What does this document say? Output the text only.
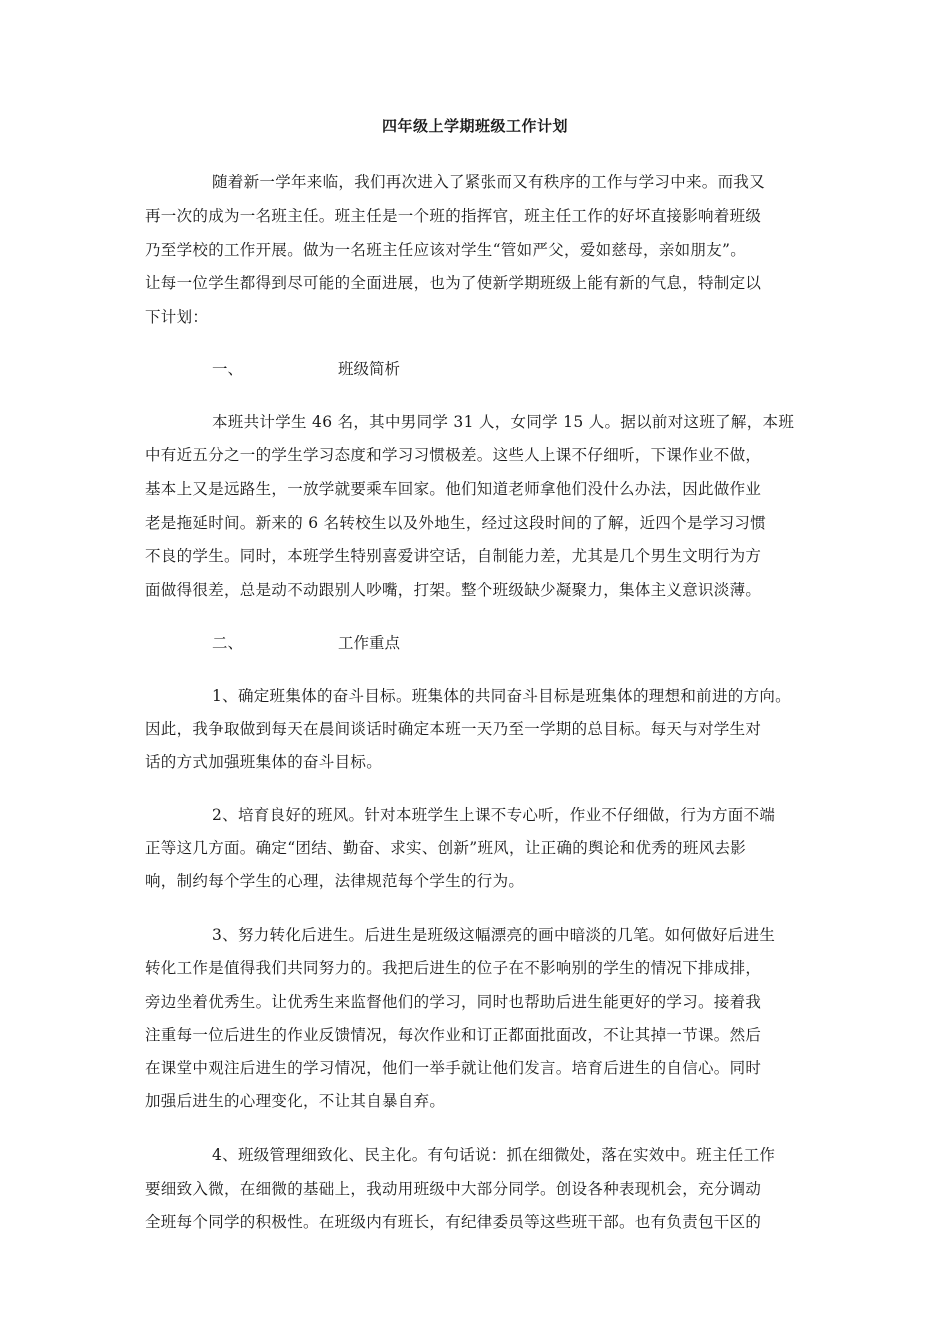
四年级上学期班级工作计划
随着新一学年来临，我们再次进入了紧张而又有秩序的工作与学习中来。而我又
再一次的成为一名班主任。班主任是一个班的指挥官，班主任工作的好坏直接影响着班级
乃至学校的工作开展。做为一名班主任应该对学生“管如严父，爱如慈母，亲如朋友”。
让每一位学生都得到尽可能的全面进展，也为了使新学期班级上能有新的气息，特制定以
下计划：
一、	班级简析
本班共计学生 46 名，其中男同学 31 人，女同学 15 人。据以前对这班了解，本班
中有近五分之一的学生学习态度和学习习惯极差。这些人上课不仔细听，下课作业不做，
基本上又是远路生，一放学就要乘车回家。他们知道老师拿他们没什么办法，因此做作业
老是拖延时间。新来的 6 名转校生以及外地生，经过这段时间的了解，近四个是学习习惯
不良的学生。同时，本班学生特别喜爱讲空话，自制能力差，尤其是几个男生文明行为方
面做得很差，总是动不动跟别人吵嘴，打架。整个班级缺少凝聚力，集体主义意识淡薄。
二、	工作重点
1、确定班集体的奋斗目标。班集体的共同奋斗目标是班集体的理想和前进的方向。
因此，我争取做到每天在晨间谈话时确定本班一天乃至一学期的总目标。每天与对学生对
话的方式加强班集体的奋斗目标。
2、培育良好的班风。针对本班学生上课不专心听，作业不仔细做，行为方面不端
正等这几方面。确定“团结、勤奋、求实、创新”班风，让正确的舆论和优秀的班风去影
响，制约每个学生的心理，法律规范每个学生的行为。
3、努力转化后进生。后进生是班级这幅漂亮的画中暗淡的几笔。如何做好后进生
转化工作是值得我们共同努力的。我把后进生的位子在不影响别的学生的情况下排成排，
旁边坐着优秀生。让优秀生来监督他们的学习，同时也帮助后进生能更好的学习。接着我
注重每一位后进生的作业反馈情况，每次作业和订正都面批面改，不让其掉一节课。然后
在课堂中观注后进生的学习情况，他们一举手就让他们发言。培育后进生的自信心。同时
加强后进生的心理变化，不让其自暴自弃。
4、班级管理细致化、民主化。有句话说：抓在细微处，落在实效中。班主任工作
要细致入微，在细微的基础上，我动用班级中大部分同学。创设各种表现机会，充分调动
全班每个同学的积极性。在班级内有班长，有纪律委员等这些班干部。也有负责包干区的
